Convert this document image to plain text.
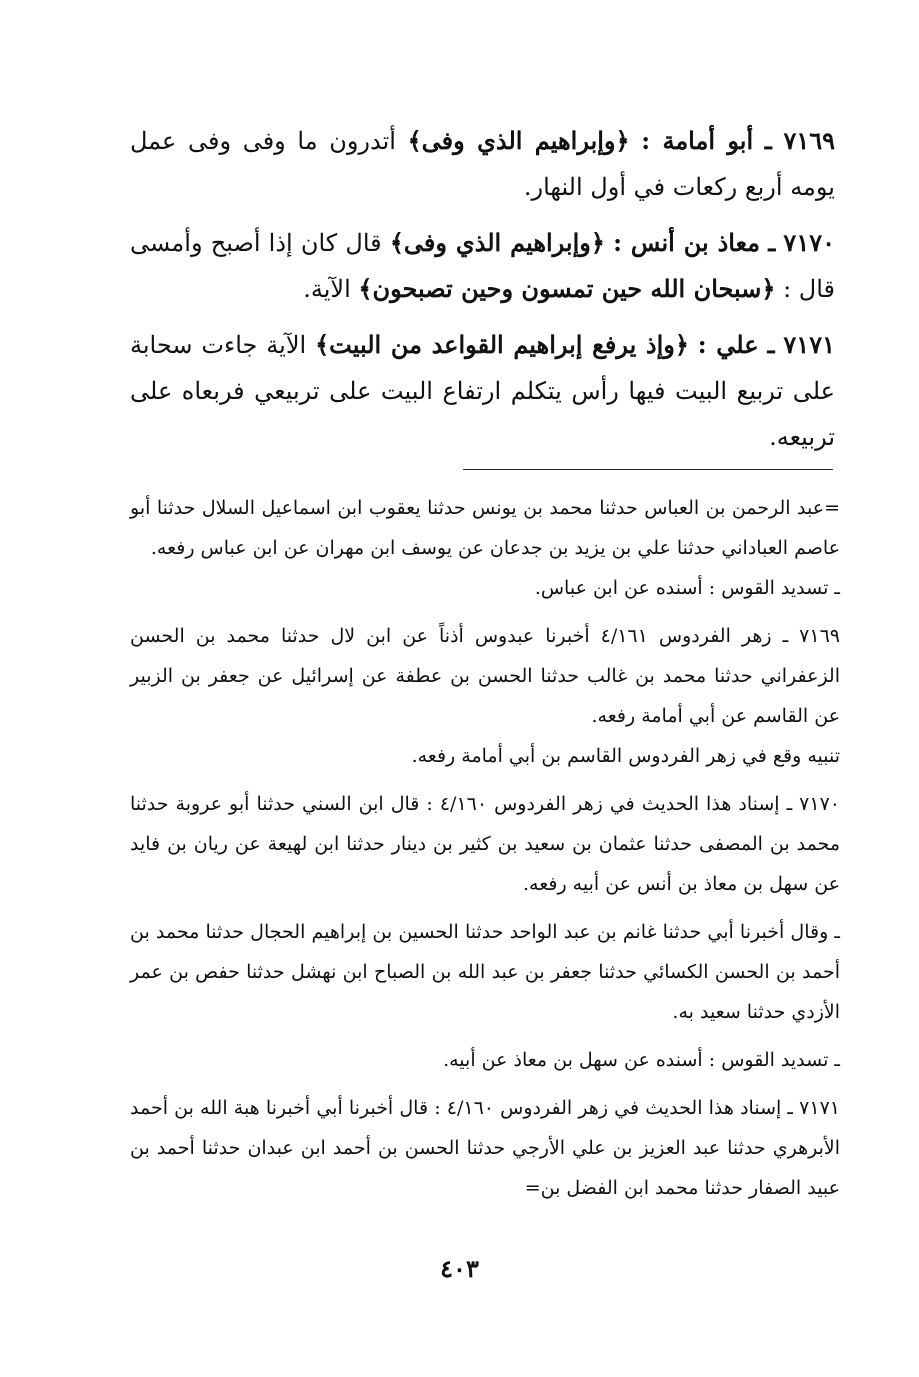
٧١٦٩ ـ أبو أمامة : ﴿وإبراهيم الذي وفى﴾ أتدرون ما وفى وفى عمل يومه أربع ركعات في أول النهار.

٧١٧٠ ـ معاذ بن أنس : ﴿وإبراهيم الذي وفى﴾ قال كان إذا أصبح وأمسى قال : ﴿سبحان الله حين تمسون وحين تصبحون﴾ الآية.

٧١٧١ ـ علي : ﴿وإذ يرفع إبراهيم القواعد من البيت﴾ الآية جاءت سحابة على تربيع البيت فيها رأس يتكلم ارتفاع البيت على تربيعي فربعاه على تربيعه.

=عبد الرحمن بن العباس حدثنا محمد بن يونس حدثنا يعقوب ابن اسماعيل السلال حدثنا أبو عاصم العباداني حدثنا علي بن يزيد بن جدعان عن يوسف ابن مهران عن ابن عباس رفعه.

ـ تسديد القوس : أسنده عن ابن عباس.

٧١٦٩ ـ زهر الفردوس ٤/١٦١ أخبرنا عبدوس أذناً عن ابن لال حدثنا محمد بن الحسن الزعفراني حدثنا محمد بن غالب حدثنا الحسن بن عطفة عن إسرائيل عن جعفر بن الزبير عن القاسم عن أبي أمامة رفعه.

تنبيه وقع في زهر الفردوس القاسم بن أبي أمامة رفعه.

٧١٧٠ ـ إسناد هذا الحديث في زهر الفردوس ٤/١٦٠ : قال ابن السني حدثنا أبو عروبة حدثنا محمد بن المصفى حدثنا عثمان بن سعيد بن كثير بن دينار حدثنا ابن لهيعة عن ريان بن فايد عن سهل بن معاذ بن أنس عن أبيه رفعه.

ـ وقال أخبرنا أبي حدثنا غانم بن عبد الواحد حدثنا الحسين بن إبراهيم الحجال حدثنا محمد بن أحمد بن الحسن الكسائي حدثنا جعفر بن عبد الله بن الصباح ابن نهشل حدثنا حفص بن عمر الأزدي حدثنا سعيد به.

ـ تسديد القوس : أسنده عن سهل بن معاذ عن أبيه.

٧١٧١ ـ إسناد هذا الحديث في زهر الفردوس ٤/١٦٠ : قال أخبرنا أبي أخبرنا هبة الله بن أحمد الأبرهري حدثنا عبد العزيز بن علي الأرجي حدثنا الحسن بن أحمد ابن عبدان حدثنا أحمد بن عبيد الصفار حدثنا محمد ابن الفضل بن=

٤٠٣
